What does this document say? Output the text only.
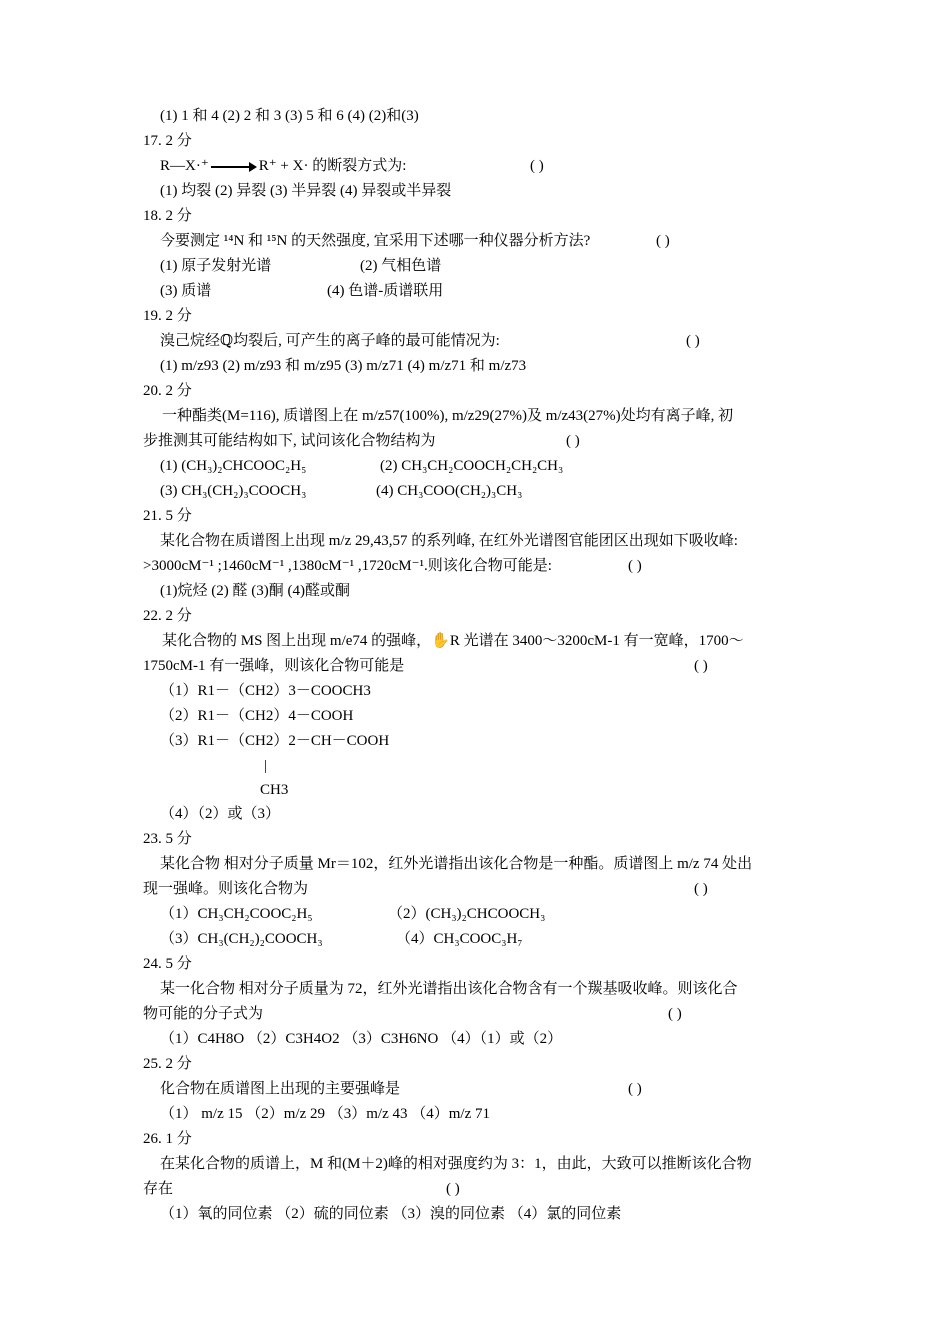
(1) 1 和 4 (2) 2 和 3 (3) 5 和 6 (4) (2)和(3)
17. 2 分
R—X·⁺	R⁺ + X· 的断裂方式为:	( )
(1) 均裂 (2) 异裂 (3) 半异裂 (4) 异裂或半异裂
18. 2 分
今要测定 ¹⁴N 和 ¹⁵N 的天然强度, 宜采用下述哪一种仪器分析方法?	( )
(1) 原子发射光谱	(2) 气相色谱
(3) 质谱	(4) 色谱-质谱联用
19. 2 分
溴己烷经ℚ均裂后, 可产生的离子峰的最可能情况为:	( )
(1) m/z93 (2) m/z93 和 m/z95 (3) m/z71 (4) m/z71 和 m/z73
20. 2 分
一种酯类(M=116), 质谱图上在 m/z57(100%), m/z29(27%)及 m/z43(27%)处均有离子峰, 初
步推测其可能结构如下, 试问该化合物结构为	( )
(1) (CH₃)₂CHCOOC₂H₅	(2) CH₃CH₂COOCH₂CH₂CH₃
(3) CH₃(CH₂)₃COOCH₃	(4) CH₃COO(CH₂)₃CH₃
21. 5 分
某化合物在质谱图上出现 m/z 29,43,57 的系列峰, 在红外光谱图官能团区出现如下吸收峰:
>3000cM⁻¹ ;1460cM⁻¹ ,1380cM⁻¹ ,1720cM⁻¹.则该化合物可能是:	( )
(1)烷烃 (2) 醛 (3)酮 (4)醛或酮
22. 2 分
某化合物的 MS 图上出现 m/e74 的强峰，✋R 光谱在 3400～3200cM-1 有一宽峰，1700～
1750cM-1 有一强峰，则该化合物可能是	( )
（1）R1－（CH2）3－COOCH3
（2）R1－（CH2）4－COOH
（3）R1－（CH2）2－CH－COOH
|
CH3
（4）（2）或（3）
23. 5 分
某化合物 相对分子质量 Mr＝102，红外光谱指出该化合物是一种酯。质谱图上 m/z 74 处出
现一强峰。则该化合物为	( )
（1）CH₃CH₂COOC₂H₅	（2）(CH₃)₂CHCOOCH₃
（3）CH₃(CH₂)₂COOCH₃	（4）CH₃COOC₃H₇
24. 5 分
某一化合物 相对分子质量为 72，红外光谱指出该化合物含有一个羰基吸收峰。则该化合
物可能的分子式为	( )
（1）C4H8O （2）C3H4O2 （3）C3H6NO （4）（1）或（2）
25. 2 分
化合物在质谱图上出现的主要强峰是	( )
（1） m/z 15 （2）m/z 29 （3）m/z 43 （4）m/z 71
26. 1 分
在某化合物的质谱上，M 和(M＋2)峰的相对强度约为 3：1，由此，大致可以推断该化合物
存在	( )
（1）氧的同位素 （2）硫的同位素 （3）溴的同位素 （4）氯的同位素
